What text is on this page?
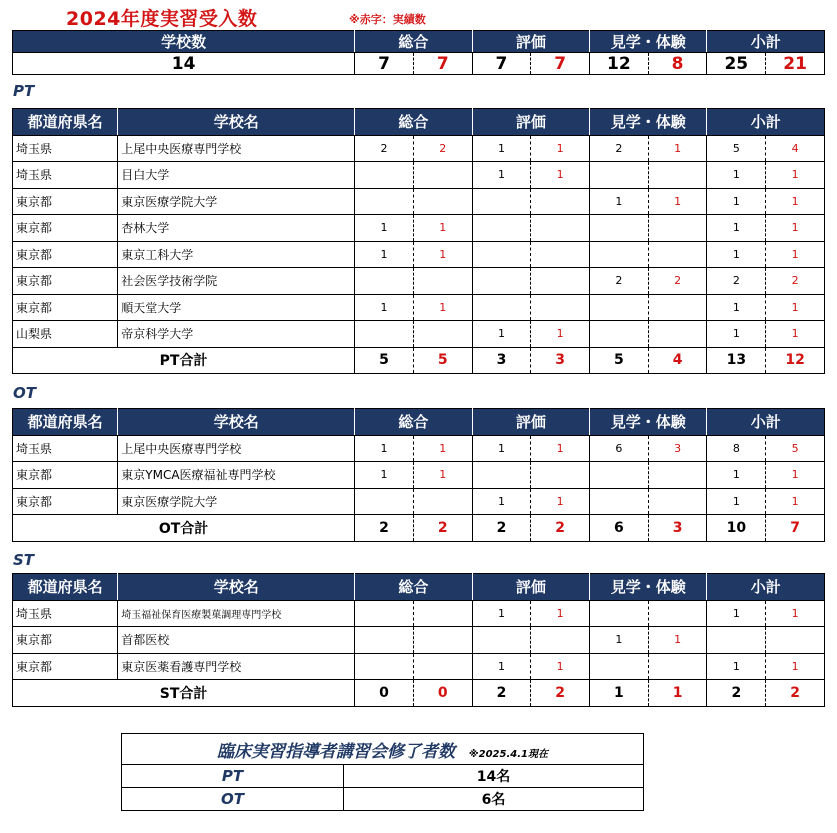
2024年度実習受入数	※赤字：実績数
学校数	総合		評価		見学・体験		小計	
14	7	7	7	7	12	8	25	21
PT
都道府県名	学校名	総合		評価		見学・体験		小計	
埼玉県	上尾中央医療専門学校	2	2	1	1	2	1	5	4
埼玉県	目白大学			1	1			1	1
東京都	東京医療学院大学					1	1	1	1
東京都	杏林大学	1	1					1	1
東京都	東京工科大学	1	1					1	1
東京都	社会医学技術学院					2	2	2	2
東京都	順天堂大学	1	1					1	1
山梨県	帝京科学大学			1	1			1	1
PT合計		5	5	3	3	5	4	13	12
OT
都道府県名	学校名	総合		評価		見学・体験		小計	
埼玉県	上尾中央医療専門学校	1	1	1	1	6	3	8	5
東京都	東京YMCA医療福祉専門学校	1	1					1	1
東京都	東京医療学院大学			1	1			1	1
OT合計		2	2	2	2	6	3	10	7
ST
都道府県名	学校名	総合		評価		見学・体験		小計	
埼玉県	埼玉福祉保育医療製菓調理専門学校			1	1			1	1
東京都	首都医校					1	1		
東京都	東京医薬看護専門学校			1	1			1	1
ST合計		0	0	2	2	1	1	2	2
臨床実習指導者講習会修了者数 ※2025.4.1現在	
PT	14名
OT	6名
